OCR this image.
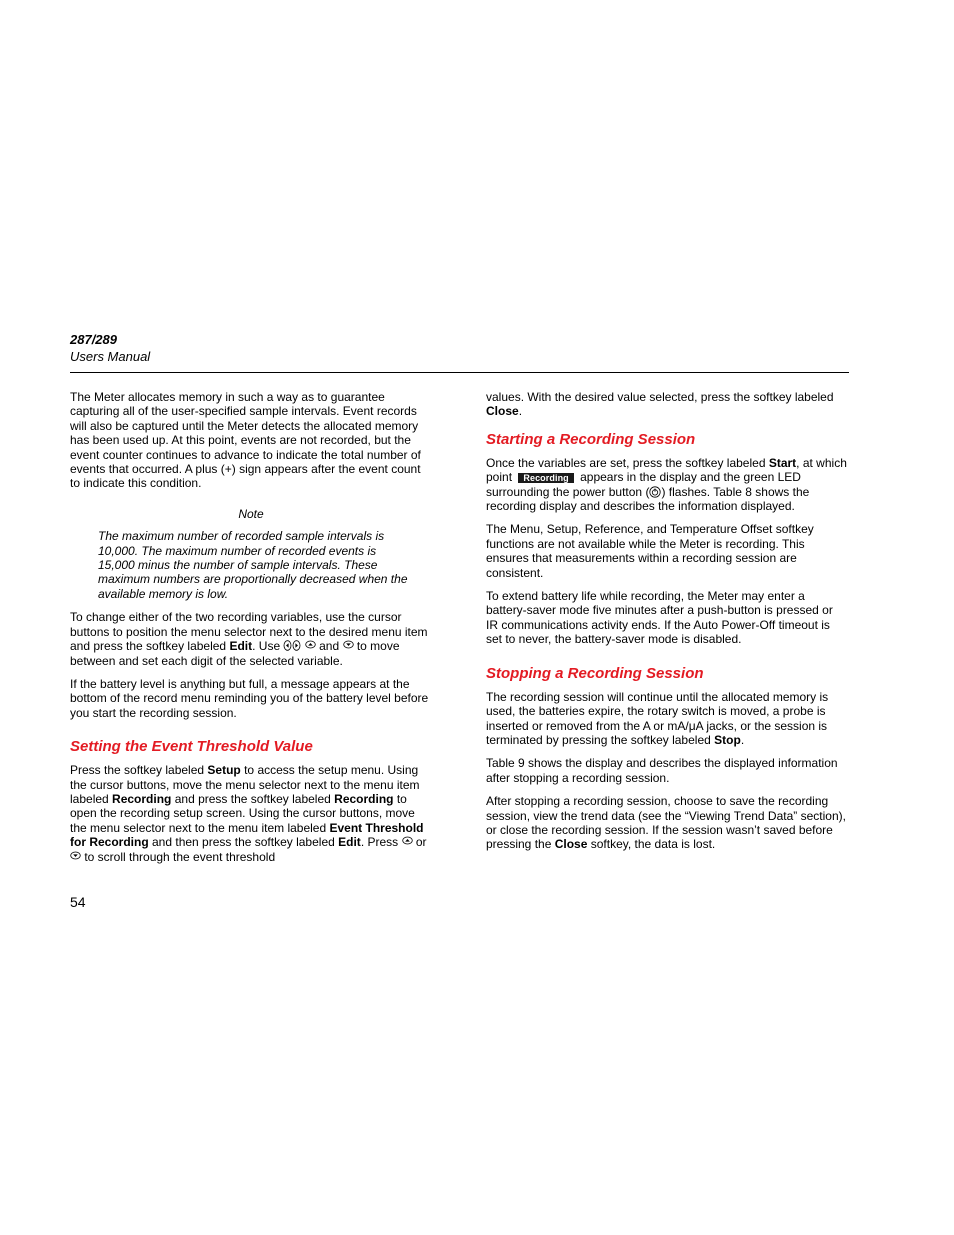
287/289
Users Manual

The Meter allocates memory in such a way as to guarantee capturing all of the user-specified sample intervals. Event records will also be captured until the Meter detects the allocated memory has been used up. At this point, events are not recorded, but the event counter continues to advance to indicate the total number of events that occurred. A plus (+) sign appears after the event count to indicate this condition.

Note
The maximum number of recorded sample intervals is 10,000. The maximum number of recorded events is 15,000 minus the number of sample intervals. These maximum numbers are proportionally decreased when the available memory is low.

To change either of the two recording variables, use the cursor buttons to position the menu selector next to the desired menu item and press the softkey labeled Edit. Use
	and
to move between and set each digit of the selected variable.

If the battery level is anything but full, a message appears at the bottom of the record menu reminding you of the battery level before you start the recording session.

Setting the Event Threshold Value

Press the softkey labeled Setup to access the setup menu. Using the cursor buttons, move the menu selector next to the menu item labeled Recording and press the softkey labeled Recording to open the recording setup screen. Using the cursor buttons, move the menu selector next to the menu item labeled Event Threshold for Recording and then press the softkey labeled Edit. Press
or
to scroll through the event threshold

values. With the desired value selected, press the softkey labeled Close.

Starting a Recording Session

Once the variables are set, press the softkey labeled Start, at which point Recording appears in the display and the green LED surrounding the power button ( ) flashes. Table 8 shows the recording display and describes the information displayed.

The Menu, Setup, Reference, and Temperature Offset softkey functions are not available while the Meter is recording. This ensures that measurements within a recording session are consistent.

To extend battery life while recording, the Meter may enter a battery-saver mode five minutes after a push-button is pressed or IR communications activity ends. If the Auto Power-Off timeout is set to never, the battery-saver mode is disabled.

Stopping a Recording Session

The recording session will continue until the allocated memory is used, the batteries expire, the rotary switch is moved, a probe is inserted or removed from the A or mA/μA jacks, or the session is terminated by pressing the softkey labeled Stop.

Table 9 shows the display and describes the displayed information after stopping a recording session.

After stopping a recording session, choose to save the recording session, view the trend data (see the “Viewing Trend Data” section), or close the recording session. If the session wasn’t saved before pressing the Close softkey, the data is lost.

54
